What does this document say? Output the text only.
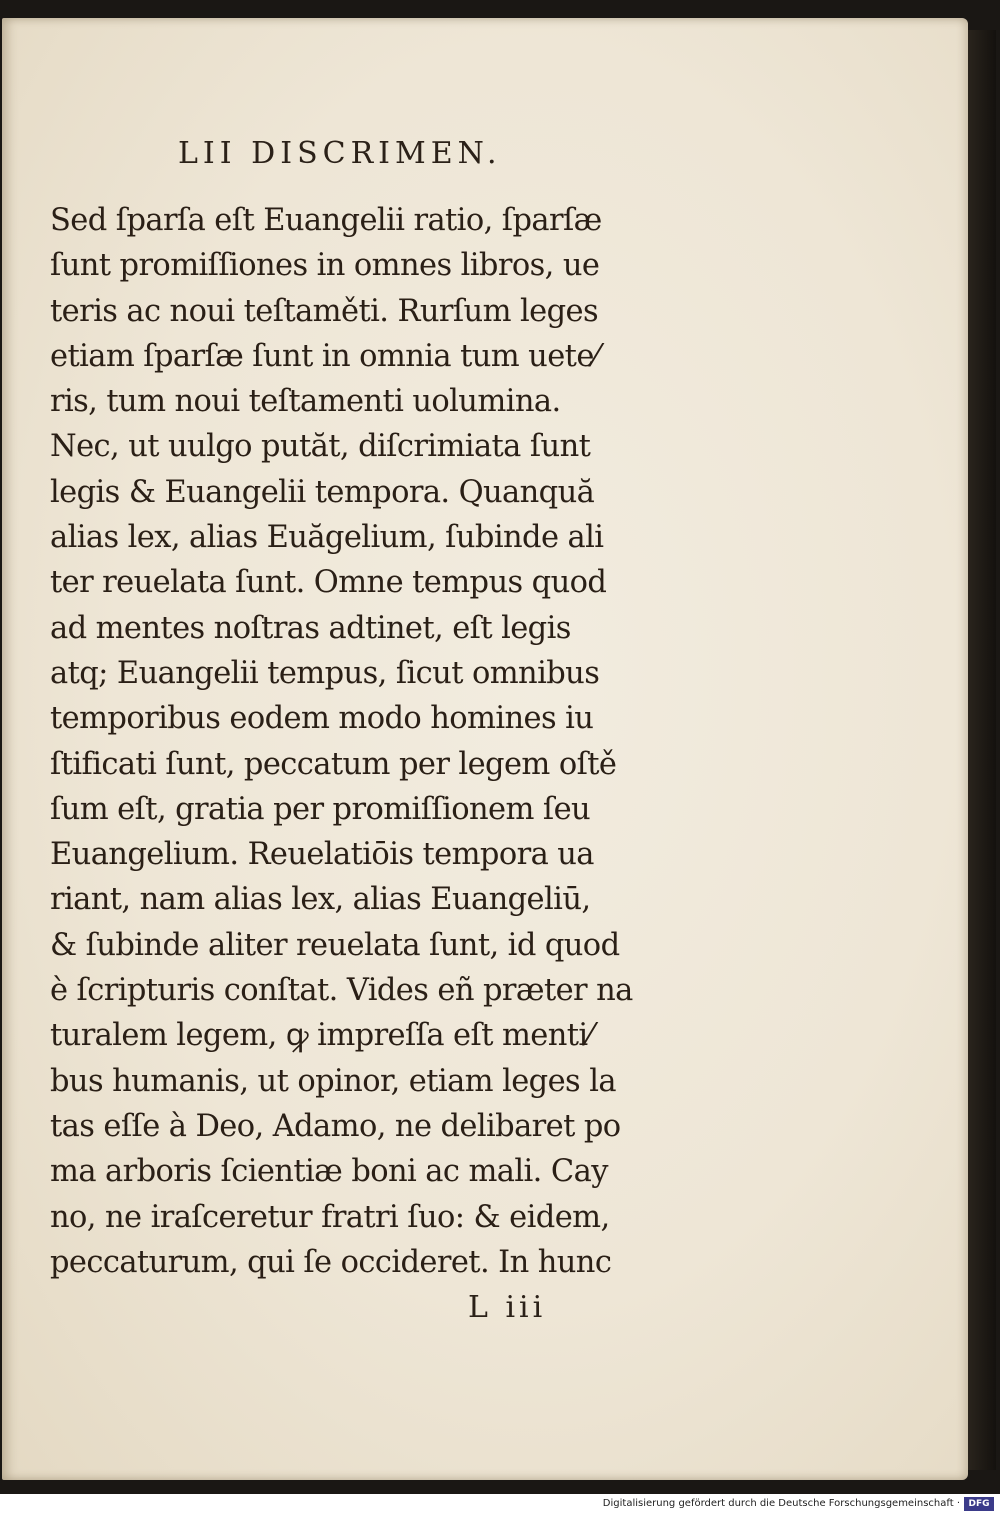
LII DISCRIMEN.
Sed ſparſa eſt Euangelii ratio, ſparſæ
ſunt promiſſiones in omnes libros, ue
teris ac noui teſtaměti. Rurſum leges
etiam ſparſæ ſunt in omnia tum uete⁄
ris, tum noui teſtamenti uolumina.
Nec, ut uulgo putăt, diſcrimiata ſunt
legis & Euangelii tempora. Quanquă
alias lex, alias Euăgelium, ſubinde ali
ter reuelata ſunt. Omne tempus quod
ad mentes noſtras adtinet, eſt legis
atq; Euangelii tempus, ſicut omnibus
temporibus eodem modo homines iu
ſtificati ſunt, peccatum per legem oſtě
ſum eſt, gratia per promiſſionem ſeu
Euangelium. Reuelatiōis tempora ua
riant, nam alias lex, alias Euangeliū,
& ſubinde aliter reuelata ſunt, id quod
è ſcripturis conſtat. Vides eñ præter na
turalem legem, ꝙ impreſſa eſt menti⁄
bus humanis, ut opinor, etiam leges la
tas eſſe à Deo, Adamo, ne delibaret po
ma arboris ſcientiæ boni ac mali. Cay
no, ne iraſceretur fratri ſuo: & eidem,
peccaturum, qui ſe occideret. In hunc
L iii
Digitalisierung gefördert durch die Deutsche Forschungsgemeinschaft · DFG
